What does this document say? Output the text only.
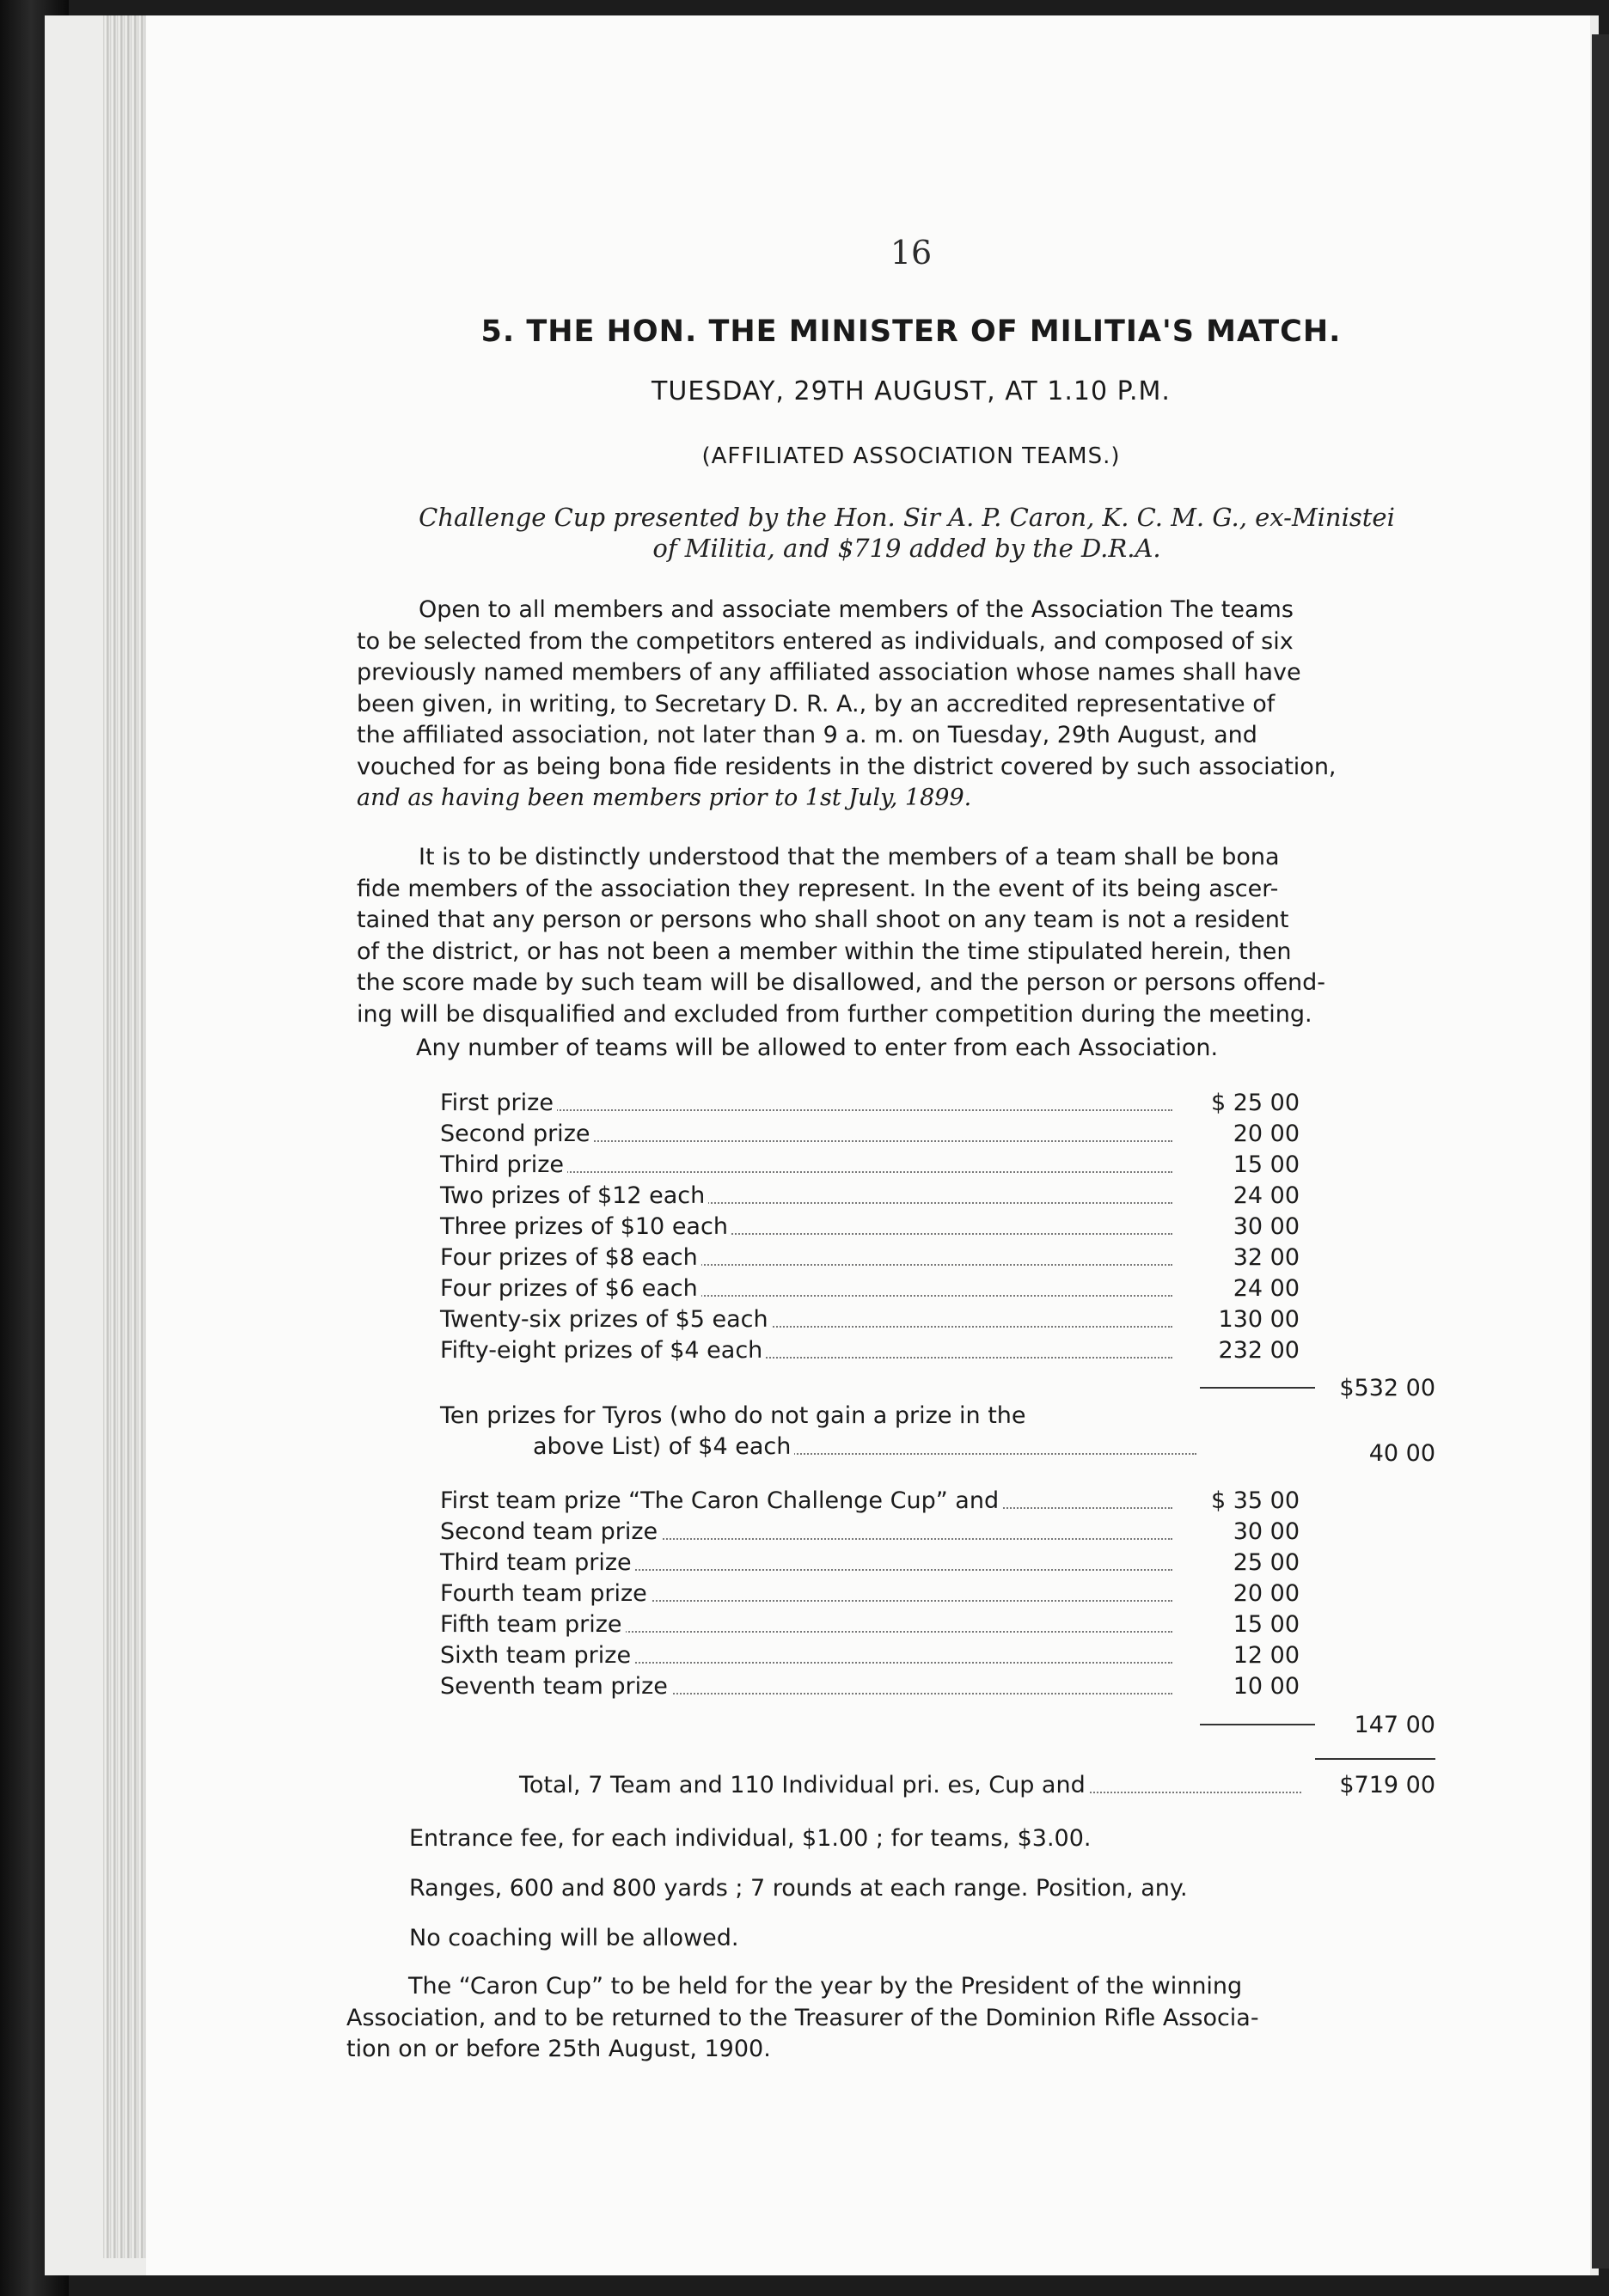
16
5. THE HON. THE MINISTER OF MILITIA'S MATCH.
TUESDAY, 29TH AUGUST, AT 1.10 P.M.
(AFFILIATED ASSOCIATION TEAMS.)
Challenge Cup presented by the Hon. Sir A. P. Caron, K. C. M. G., ex-Ministei
of Militia, and $719 added by the D.R.A.
Open to all members and associate members of the Association The teams
to be selected from the competitors entered as individuals, and composed of six
previously named members of any affiliated association whose names shall have
been given, in writing, to Secretary D. R. A., by an accredited representative of
the affiliated association, not later than 9 a. m. on Tuesday, 29th August, and
vouched for as being bona fide residents in the district covered by such association,
and as having been members prior to 1st July, 1899.
It is to be distinctly understood that the members of a team shall be bona
fide members of the association they represent. In the event of its being ascer-
tained that any person or persons who shall shoot on any team is not a resident
of the district, or has not been a member within the time stipulated herein, then
the score made by such team will be disallowed, and the person or persons offend-
ing will be disqualified and excluded from further competition during the meeting.
Any number of teams will be allowed to enter from each Association.
First prize	$ 25 00
Second prize	20 00
Third prize	15 00
Two prizes of $12 each	24 00
Three prizes of $10 each	30 00
Four prizes of $8 each	32 00
Four prizes of $6 each	24 00
Twenty-six prizes of $5 each	130 00
Fifty-eight prizes of $4 each	232 00
$532 00
Ten prizes for Tyros (who do not gain a prize in the
above List) of $4 each	40 00
First team prize “The Caron Challenge Cup” and	$ 35 00
Second team prize	30 00
Third team prize	25 00
Fourth team prize	20 00
Fifth team prize	15 00
Sixth team prize	12 00
Seventh team prize	10 00
147 00
Total, 7 Team and 110 Individual pri. es, Cup and	$719 00
Entrance fee, for each individual, $1.00 ; for teams, $3.00.
Ranges, 600 and 800 yards ; 7 rounds at each range. Position, any.
No coaching will be allowed.
The “Caron Cup” to be held for the year by the President of the winning
Association, and to be returned to the Treasurer of the Dominion Rifle Associa-
tion on or before 25th August, 1900.
